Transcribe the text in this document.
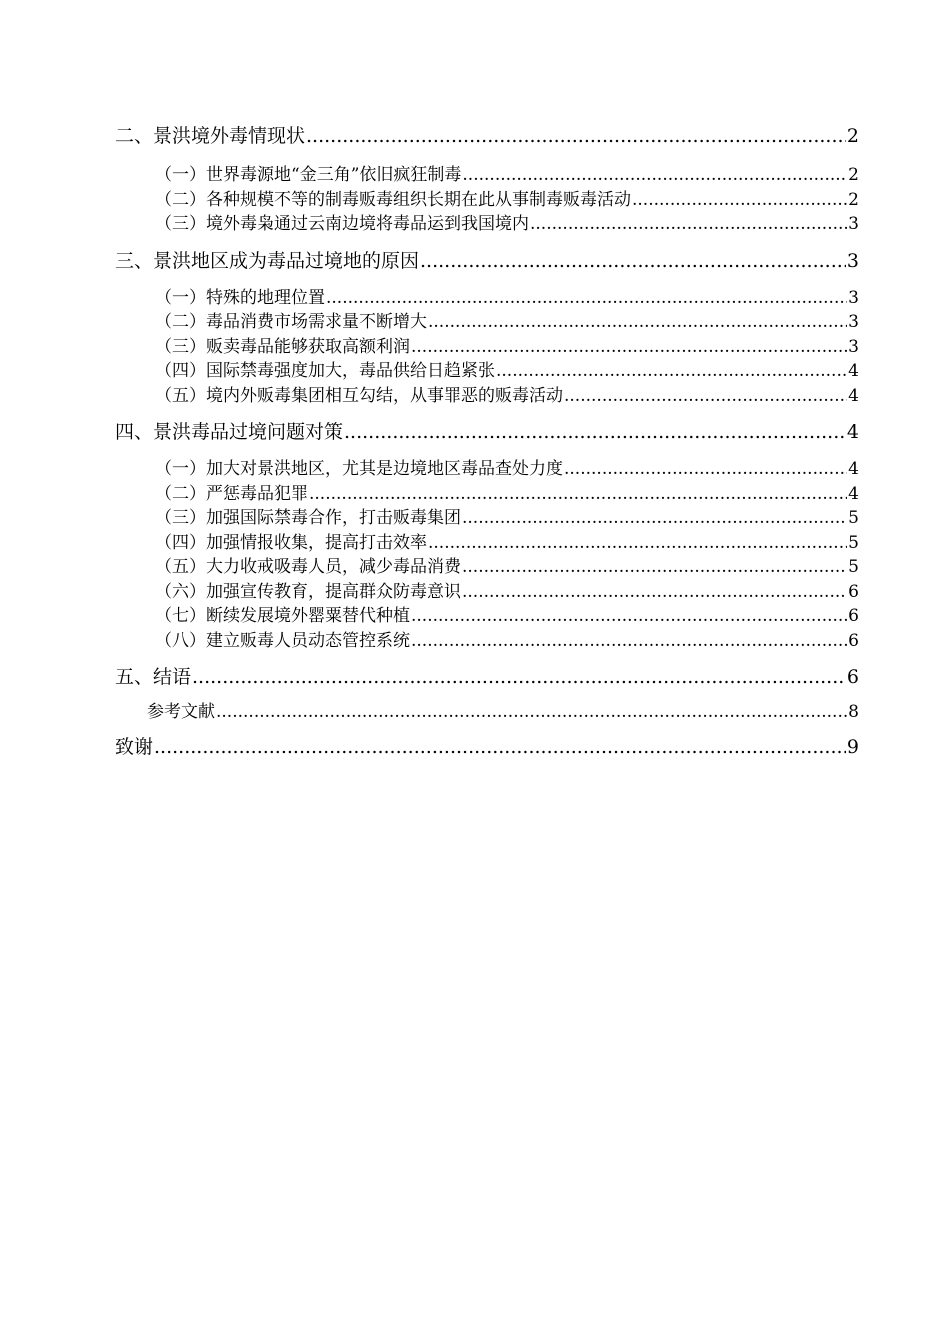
二、景洪境外毒情现状 .....	2
（一）世界毒源地“金三角”依旧疯狂制毒 .....	2
（二）各种规模不等的制毒贩毒组织长期在此从事制毒贩毒活动 .....	2
（三）境外毒枭通过云南边境将毒品运到我国境内 .....	3
三、景洪地区成为毒品过境地的原因 .....	3
（一）特殊的地理位置 .....	3
（二）毒品消费市场需求量不断增大 .....	3
（三）贩卖毒品能够获取高额利润 .....	3
（四）国际禁毒强度加大，毒品供给日趋紧张 .....	4
（五）境内外贩毒集团相互勾结，从事罪恶的贩毒活动 .....	4
四、景洪毒品过境问题对策 .....	4
（一）加大对景洪地区，尤其是边境地区毒品查处力度 .....	4
（二）严惩毒品犯罪 .....	4
（三）加强国际禁毒合作，打击贩毒集团 .....	5
（四）加强情报收集，提高打击效率 .....	5
（五）大力收戒吸毒人员，减少毒品消费 .....	5
（六）加强宣传教育，提高群众防毒意识 .....	6
（七）断续发展境外罂粟替代种植 .....	6
（八）建立贩毒人员动态管控系统 .....	6
五、结语 .....	6
参考文献 .....	8
致谢 .....	9
